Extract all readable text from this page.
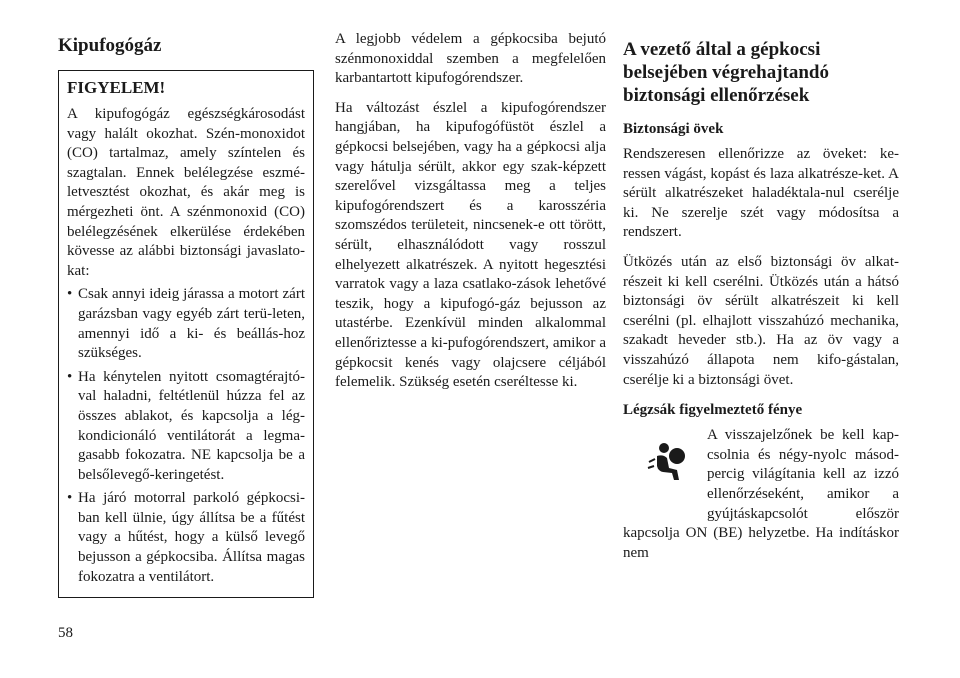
Kipufogógáz
FIGYELEM!

A kipufogógáz egészségkárosodást vagy halált okozhat. Szén-monoxidot (CO) tartalmaz, amely színtelen és szagtalan. Ennek belélegzése eszmé-letvesztést okozhat, és akár meg is mérgezheti önt. A szénmonoxid (CO) belélegzésének elkerülése érdekében kövesse az alábbi biztonsági javaslato-kat:

• Csak annyi ideig járassa a motort zárt garázsban vagy egyéb zárt terü-leten, amennyi idő a ki- és beállás-hoz szükséges.
• Ha kénytelen nyitott csomagtérajtó-val haladni, feltétlenül húzza fel az összes ablakot, és kapcsolja a lég-kondicionáló ventilátorát a legma-gasabb fokozatra. NE kapcsolja be a belsőlevegő-keringetést.
• Ha járó motorral parkoló gépkocsi-ban kell ülnie, úgy állítsa be a fűtést vagy a hűtést, hogy a külső levegő bejusson a gépkocsiba. Állítsa magas fokozatra a ventilátort.

A legjobb védelem a gépkocsiba bejutó szénmonoxiddal szemben a megfelelően karbantartott kipufogórendszer.

Ha változást észlel a kipufogórendszer hangjában, ha kipufogófüstöt észlel a gépkocsi belsejében, vagy ha a gépkocsi alja vagy hátulja sérült, akkor egy szak-képzett szerelővel vizsgáltassa meg a teljes kipufogórendszert és a karosszéria szomszédos területeit, nincsenek-e ott törött, sérült, elhasználódott vagy rosszul elhelyezett alkatrészek. A nyitott hegesztési varratok vagy a laza csatlako-zások lehetővé teszik, hogy a kipufogó-gáz bejusson az utastérbe. Ezenkívül minden alkalommal ellenőriztesse a ki-pufogórendszert, amikor a gépkocsit kenés vagy olajcsere céljából felemelik. Szükség esetén cseréltesse ki.

A vezető által a gépkocsi belsejében végrehajtandó biztonsági ellenőrzések
Biztonsági övek

Rendszeresen ellenőrizze az öveket: ke-ressen vágást, kopást és laza alkatrésze-ket. A sérült alkatrészeket haladéktala-nul cserélje ki. Ne szerelje szét vagy módosítsa a rendszert.

Ütközés után az első biztonsági öv alkat-részeit ki kell cserélni. Ütközés után a hátsó biztonsági öv sérült alkatrészeit ki kell cserélni (pl. elhajlott visszahúzó mechanika, szakadt heveder stb.). Ha az öv vagy a visszahúzó állapota nem kifo-gástalan, cserélje ki a biztonsági övet.

Légzsák figyelmeztető fénye

A visszajelzőnek be kell kap-csolnia és négy-nyolc másod-percig világítania kell az izzó ellenőrzéseként, amikor a gyújtáskapcsolót először kapcsolja ON (BE) helyzetbe. Ha indításkor nem

58
